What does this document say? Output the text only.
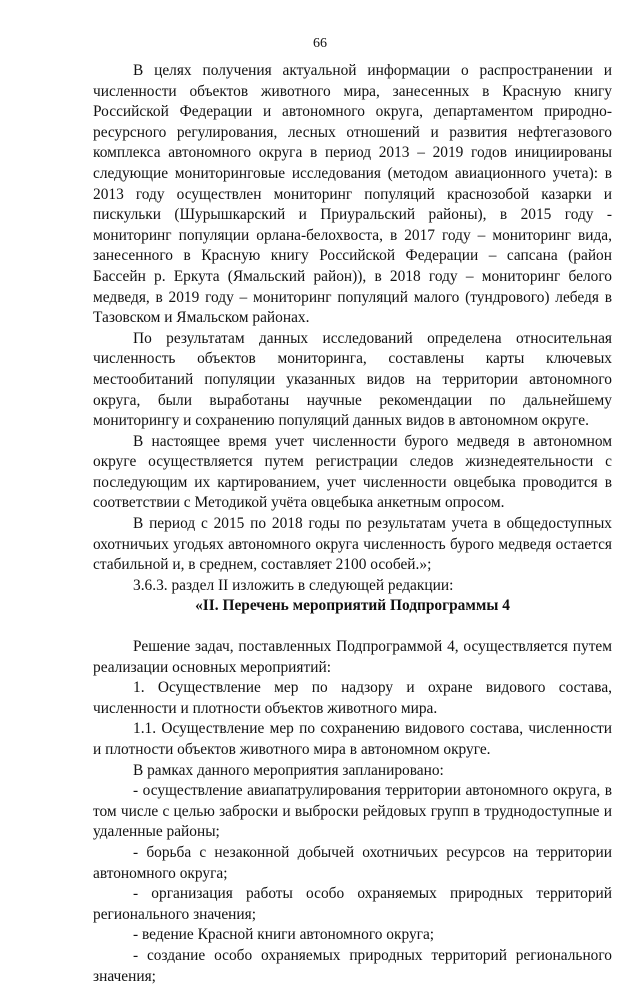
66

В целях получения актуальной информации о распространении и численности объектов животного мира, занесенных в Красную книгу Российской Федерации и автономного округа, департаментом природно-ресурсного регулирования, лесных отношений и развития нефтегазового комплекса автономного округа в период 2013 – 2019 годов инициированы следующие мониторинговые исследования (методом авиационного учета): в 2013 году осуществлен мониторинг популяций краснозобой казарки и пискульки (Шурышкарский и Приуральский районы), в 2015 году - мониторинг популяции орлана-белохвоста, в 2017 году – мониторинг вида, занесенного в Красную книгу Российской Федерации – сапсана (район Бассейн р. Еркута (Ямальский район)), в 2018 году – мониторинг белого медведя, в 2019 году – мониторинг популяций малого (тундрового) лебедя в Тазовском и Ямальском районах.

По результатам данных исследований определена относительная численность объектов мониторинга, составлены карты ключевых местообитаний популяции указанных видов на территории автономного округа, были выработаны научные рекомендации по дальнейшему мониторингу и сохранению популяций данных видов в автономном округе.

В настоящее время учет численности бурого медведя в автономном округе осуществляется путем регистрации следов жизнедеятельности с последующим их картированием, учет численности овцебыка проводится в соответствии с Методикой учёта овцебыка анкетным опросом.

В период с 2015 по 2018 годы по результатам учета в общедоступных охотничьих угодьях автономного округа численность бурого медведя остается стабильной и, в среднем, составляет 2100 особей.»;

3.6.3. раздел II изложить в следующей редакции:

«II. Перечень мероприятий Подпрограммы 4

Решение задач, поставленных Подпрограммой 4, осуществляется путем реализации основных мероприятий:

1. Осуществление мер по надзору и охране видового состава, численности и плотности объектов животного мира.

1.1. Осуществление мер по сохранению видового состава, численности и плотности объектов животного мира в автономном округе.

В рамках данного мероприятия запланировано:

- осуществление авиапатрулирования территории автономного округа, в том числе с целью заброски и выброски рейдовых групп в труднодоступные и удаленные районы;

- борьба с незаконной добычей охотничьих ресурсов на территории автономного округа;

- организация работы особо охраняемых природных территорий регионального значения;

- ведение Красной книги автономного округа;

- создание особо охраняемых природных территорий регионального значения;
